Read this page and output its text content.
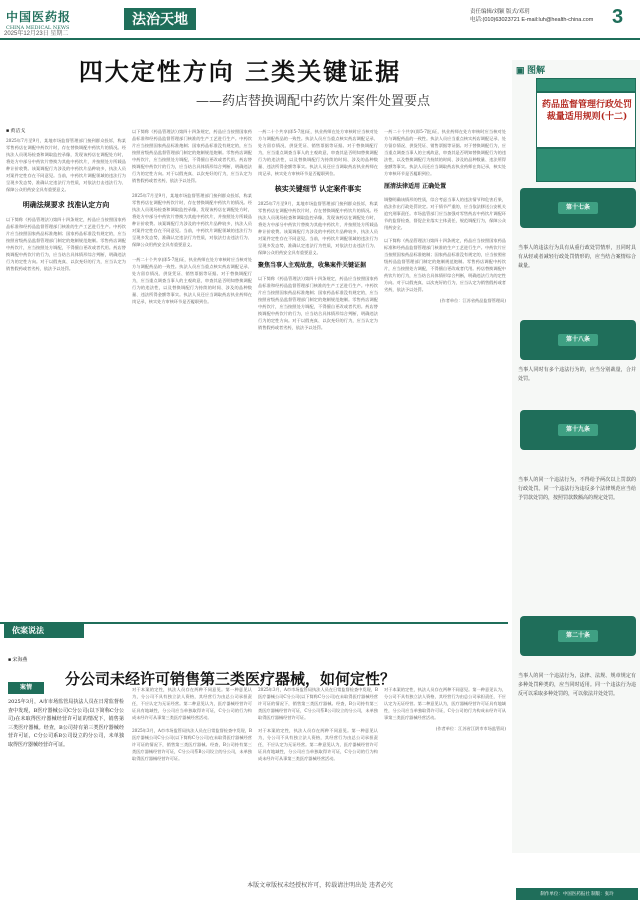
中国医药报
CHINA MEDICAL NEWS
法治天地
2025年12月23日 星期二
责任编辑/刘颖 版式/邓玥
电话:(010)63023721 E-mail:luh@health-china.com 3
四大定性方向 三类关键证据
——药店替换调配中药饮片案件处置要点
■ 黄洁戈
2025年7月至9月，某地市场监督管理部门接到群众投诉，称某零售药店在调配中药饮片时，存在替换调配中药饮片的情况。经执法人员现场检查和调取监控录像，发现该药店在调配处方时，将处方中部分中药饮片替换为其他中药饮片，并按照处方所载品种计价收费。该案调配行为涉及的中药饮片品种较多，执法人员对案件定性存在不同意见。当前，中药饮片调配领域的违法行为呈现多发态势，准确认定违法行为性质，对依法打击违法行为、保障公众用药安全具有重要意义。
明确法规要求 找准认定方向
以下简称《药品管理法》)第四十四条规定，药品应当按照国家药品标准和经药品监督管理部门核准的生产工艺进行生产。中药饮片应当按照国家药品标准炮制；国家药品标准没有规定的，应当按照省级药品监督管理部门制定的炮制规范炮制。零售药店调配中药饮片，应当按照处方调配，不得擅自更改或者代用。药店替换调配中药饮片的行为，应当结合具体情形综合判断，明确违法行为的定性方向。对于以假充真、以次充好的行为，应当认定为销售假药或者劣药，依法予以处罚。
以下简称《药品管理法》)第四十四条规定，药品应当按照国家药品标准和经药品监督管理部门核准的生产工艺进行生产。中药饮片应当按照国家药品标准炮制；国家药品标准没有规定的，应当按照省级药品监督管理部门制定的炮制规范炮制。零售药店调配中药饮片，应当按照处方调配，不得擅自更改或者代用。药店替换调配中药饮片的行为，应当结合具体情形综合判断，明确违法行为的定性方向。对于以假充真、以次充好的行为，应当认定为销售假药或者劣药，依法予以处罚。
2025年7月至9月，某地市场监督管理部门接到群众投诉，称某零售药店在调配中药饮片时，存在替换调配中药饮片的情况。经执法人员现场检查和调取监控录像，发现该药店在调配处方时，将处方中部分中药饮片替换为其他中药饮片，并按照处方所载品种计价收费。该案调配行为涉及的中药饮片品种较多，执法人员对案件定性存在不同意见。当前，中药饮片调配领域的违法行为呈现多发态势，准确认定违法行为性质，对依法打击违法行为、保障公众用药安全具有重要意义。
一药二十个共享(即5-7批)证，执业药师在处方审核时应当核对处方与调配药品的一致性。执法人员应当重点核实药店调配记录、处方留存情况、供货凭证、销售票据等证据。对于替换调配行为，应当重点调查当事人的主观故意，审查其是否明知替换调配行为的违法性，以及替换调配行为持续的时间、涉及的品种数量、违法所得金额等事实。执法人员还应当调取药店执业药师在岗记录，核实处方审核环节是否履职到位。
一药二十个共享(即5-7批)证，执业药师在处方审核时应当核对处方与调配药品的一致性。执法人员应当重点核实药店调配记录、处方留存情况、供货凭证、销售票据等证据。对于替换调配行为，应当重点调查当事人的主观故意，审查其是否明知替换调配行为的违法性，以及替换调配行为持续的时间、涉及的品种数量、违法所得金额等事实。执法人员还应当调取药店执业药师在岗记录，核实处方审核环节是否履职到位。
核实关键细节 认定案件事实
2025年7月至9月，某地市场监督管理部门接到群众投诉，称某零售药店在调配中药饮片时，存在替换调配中药饮片的情况。经执法人员现场检查和调取监控录像，发现该药店在调配处方时，将处方中部分中药饮片替换为其他中药饮片，并按照处方所载品种计价收费。该案调配行为涉及的中药饮片品种较多，执法人员对案件定性存在不同意见。当前，中药饮片调配领域的违法行为呈现多发态势，准确认定违法行为性质，对依法打击违法行为、保障公众用药安全具有重要意义。
聚焦当事人主观故意，收集案件关键证据
以下简称《药品管理法》)第四十四条规定，药品应当按照国家药品标准和经药品监督管理部门核准的生产工艺进行生产。中药饮片应当按照国家药品标准炮制；国家药品标准没有规定的，应当按照省级药品监督管理部门制定的炮制规范炮制。零售药店调配中药饮片，应当按照处方调配，不得擅自更改或者代用。药店替换调配中药饮片的行为，应当结合具体情形综合判断，明确违法行为的定性方向。对于以假充真、以次充好的行为，应当认定为销售假药或者劣药，依法予以处罚。
一药二十个共享(即5-7批)证，执业药师在处方审核时应当核对处方与调配药品的一致性。执法人员应当重点核实药店调配记录、处方留存情况、供货凭证、销售票据等证据。对于替换调配行为，应当重点调查当事人的主观故意，审查其是否明知替换调配行为的违法性，以及替换调配行为持续的时间、涉及的品种数量、违法所得金额等事实。执法人员还应当调取药店执业药师在岗记录，核实处方审核环节是否履职到位。
厘清法律适用 正确处置
调整明确该情形的性质，综合考虑当事人的违法情节和危害后果，依法作出行政处罚决定。对于情节严重的，应当依法移送公安机关追究刑事责任。市场监管部门应当加强对零售药店中药饮片调配环节的监督检查，督促企业落实主体责任，规范调配行为，保障公众用药安全。
以下简称《药品管理法》)第四十四条规定，药品应当按照国家药品标准和经药品监督管理部门核准的生产工艺进行生产。中药饮片应当按照国家药品标准炮制；国家药品标准没有规定的，应当按照省级药品监督管理部门制定的炮制规范炮制。零售药店调配中药饮片，应当按照处方调配，不得擅自更改或者代用。药店替换调配中药饮片的行为，应当结合具体情形综合判断，明确违法行为的定性方向。对于以假充真、以次充好的行为，应当认定为销售假药或者劣药，依法予以处罚。
(作者单位：江苏省药品监督管理局)
▣ 图解
药品监督管理行政处罚裁量适用规则(十二)
第十七条
当事人的违法行为具有从重行政处罚情形，且同时具有从轻或者减轻行政处罚情形的，应当结合案情综合裁量。
第十八条
当事人同时有多个违法行为的，应当分别裁量，合并处罚。
第十九条
当事人的同一个违法行为，不得给予两次以上罚款的行政处罚。同一个违法行为违反多个法律规范应当给予罚款处罚的，按照罚款数额高的规定处罚。
第二十条
当事人的同一个违法行为，法律、法规、规章规定有多种处罚种类的，应当同时适用。同一个违法行为违反可以采取多种处罚的，可以依法并处处罚。
依案说法
分公司未经许可销售第三类医疗器械，如何定性？
■ 宋海燕
案情
2025年3月，A市市场监管局执法人员在日常监督检查中发现，B医疗器械公司C分公司(以下简称C分公司)在未取得医疗器械经营许可证的情况下，销售第三类医疗器械。经查，B公司持有第三类医疗器械经营许可证，C分公司系B公司设立的分公司，未单独取得医疗器械经营许可证。
对于本案的定性，执法人员存在两种不同意见。第一种意见认为，分公司不具有独立法人资格，其经营行为由总公司承担责任，不应认定为无证经营。第二种意见认为，医疗器械经营许可证具有地域性，分公司应当单独取得许可证，C分公司的行为构成未经许可从事第三类医疗器械经营活动。
2025年3月，A市市场监管局执法人员在日常监督检查中发现，B医疗器械公司C分公司(以下简称C分公司)在未取得医疗器械经营许可证的情况下，销售第三类医疗器械。经查，B公司持有第三类医疗器械经营许可证，C分公司系B公司设立的分公司，未单独取得医疗器械经营许可证。
2025年3月，A市市场监管局执法人员在日常监督检查中发现，B医疗器械公司C分公司(以下简称C分公司)在未取得医疗器械经营许可证的情况下，销售第三类医疗器械。经查，B公司持有第三类医疗器械经营许可证，C分公司系B公司设立的分公司，未单独取得医疗器械经营许可证。
对于本案的定性，执法人员存在两种不同意见。第一种意见认为，分公司不具有独立法人资格，其经营行为由总公司承担责任，不应认定为无证经营。第二种意见认为，医疗器械经营许可证具有地域性，分公司应当单独取得许可证，C分公司的行为构成未经许可从事第三类医疗器械经营活动。
对于本案的定性，执法人员存在两种不同意见。第一种意见认为，分公司不具有独立法人资格，其经营行为由总公司承担责任，不应认定为无证经营。第二种意见认为，医疗器械经营许可证具有地域性，分公司应当单独取得许可证，C分公司的行为构成未经许可从事第三类医疗器械经营活动。
(作者单位：江苏省江阴市市场监管局)
本版文章版权未经授权许可，转载请注明出处 违者必究
制作单位：中国医药报社 制版：张玲
